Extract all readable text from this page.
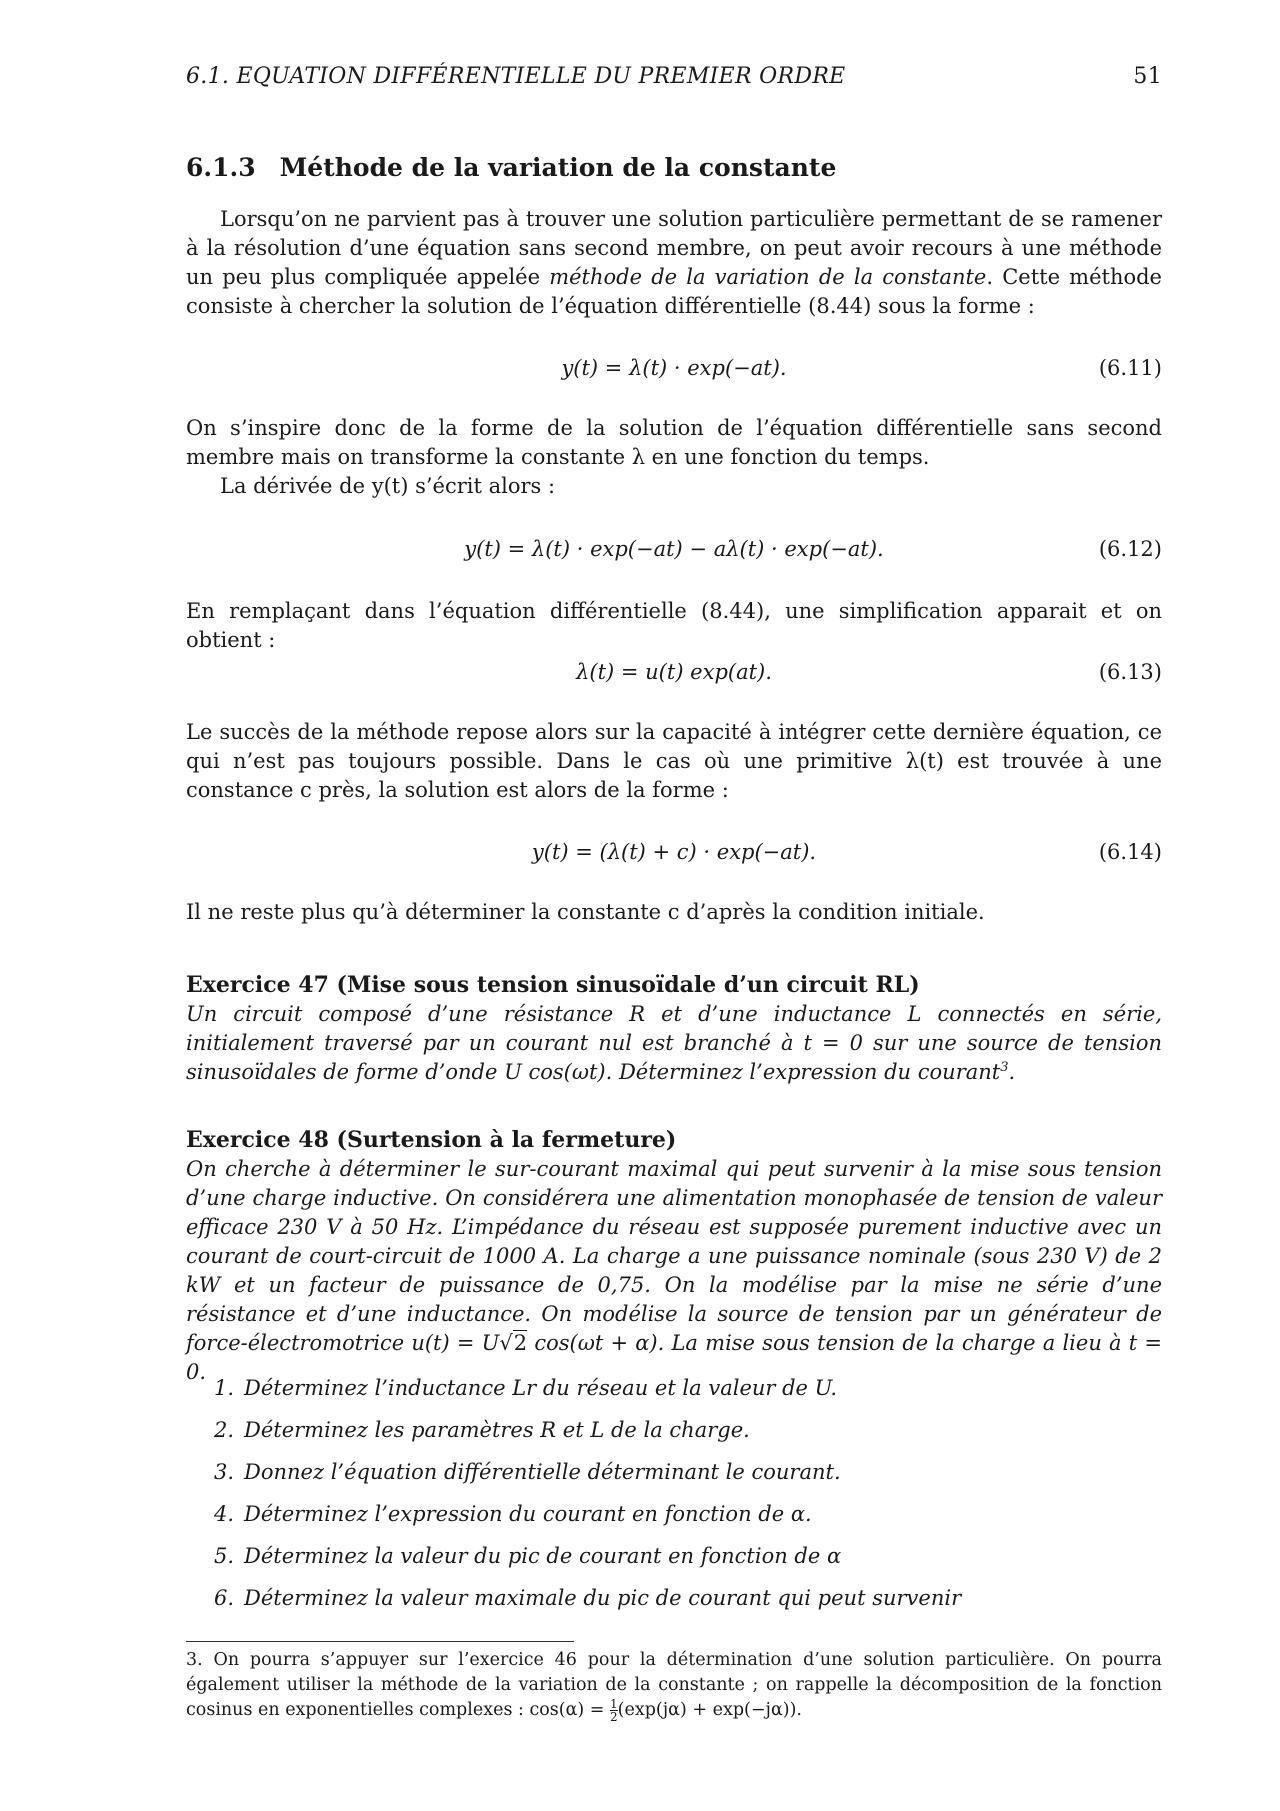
6.1. EQUATION DIFFÉRENTIELLE DU PREMIER ORDRE	51
6.1.3 Méthode de la variation de la constante

Lorsqu’on ne parvient pas à trouver une solution particulière permettant de se ramener à la résolution d’une équation sans second membre, on peut avoir recours à une méthode un peu plus compliquée appelée méthode de la variation de la constante. Cette méthode consiste à chercher la solution de l’équation différentielle (8.44) sous la forme :

y(t) = λ(t) · exp(−at).	(6.11)

On s’inspire donc de la forme de la solution de l’équation différentielle sans second membre mais on transforme la constante λ en une fonction du temps.

La dérivée de y(t) s’écrit alors :

y(t) = λ(t) · exp(−at) − aλ(t) · exp(−at).	(6.12)

En remplaçant dans l’équation différentielle (8.44), une simplification apparait et on obtient :

λ(t) = u(t) exp(at).	(6.13)

Le succès de la méthode repose alors sur la capacité à intégrer cette dernière équation, ce qui n’est pas toujours possible. Dans le cas où une primitive λ(t) est trouvée à une constance c près, la solution est alors de la forme :

y(t) = (λ(t) + c) · exp(−at).	(6.14)

Il ne reste plus qu’à déterminer la constante c d’après la condition initiale.

Exercice 47 (Mise sous tension sinusoïdale d’un circuit RL)

Un circuit composé d’une résistance R et d’une inductance L connectés en série, initialement traversé par un courant nul est branché à t = 0 sur une source de tension sinusoïdales de forme d’onde U cos(ωt). Déterminez l’expression du courant$^3$.

Exercice 48 (Surtension à la fermeture)

On cherche à déterminer le sur-courant maximal qui peut survenir à la mise sous tension d’une charge inductive. On considérera une alimentation monophasée de tension de valeur efficace 230 V à 50 Hz. L’impédance du réseau est supposée purement inductive avec un courant de court-circuit de 1000 A. La charge a une puissance nominale (sous 230 V) de 2 kW et un facteur de puissance de 0,75. On la modélise par la mise ne série d’une résistance et d’une inductance. On modélise la source de tension par un générateur de force-électromotrice u(t) = U√2 cos(ωt + α). La mise sous tension de la charge a lieu à t = 0.

1. Déterminez l’inductance Lr du réseau et la valeur de U.
2. Déterminez les paramètres R et L de la charge.
3. Donnez l’équation différentielle déterminant le courant.
4. Déterminez l’expression du courant en fonction de α.
5. Déterminez la valeur du pic de courant en fonction de α
6. Déterminez la valeur maximale du pic de courant qui peut survenir

3. On pourra s’appuyer sur l’exercice 46 pour la détermination d’une solution particulière. On pourra également utiliser la méthode de la variation de la constante ; on rappelle la décomposition de la fonction cosinus en exponentielles complexes : $\cos(\alpha) = \frac{1}{2} (\exp(j\alpha) + \exp(-j\alpha))$.
